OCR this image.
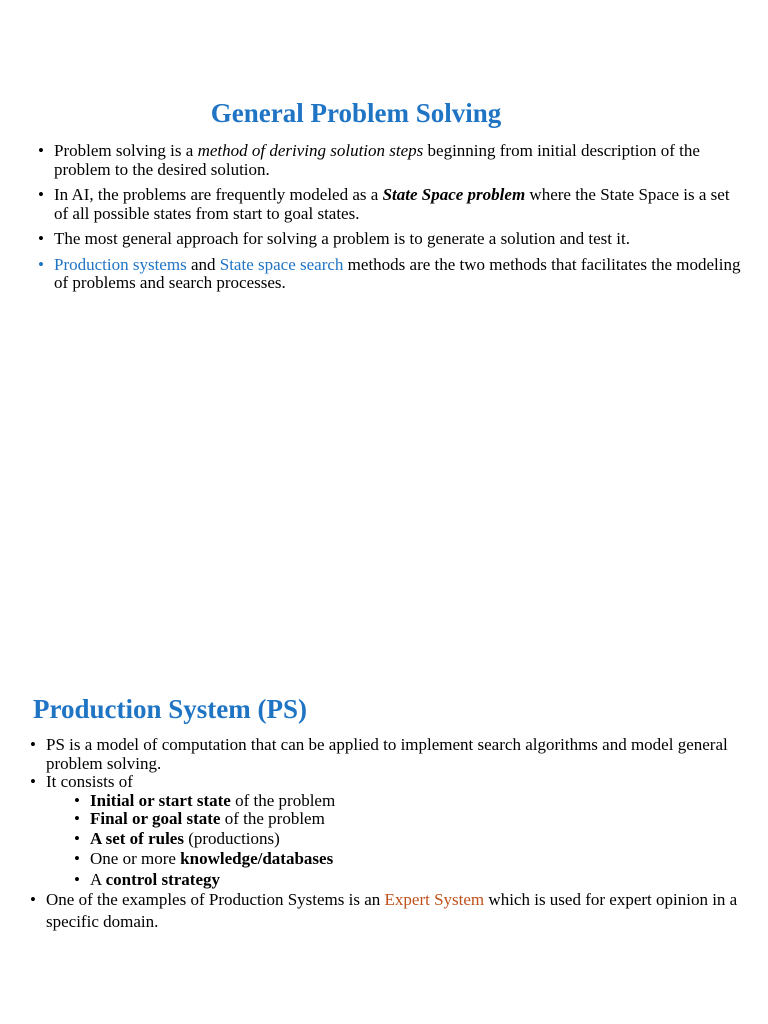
General Problem Solving
• Problem solving is a method of deriving solution steps beginning from initial description of the problem to the desired solution.
• In AI, the problems are frequently modeled as a State Space problem where the State Space is a set of all possible states from start to goal states.
• The most general approach for solving a problem is to generate a solution and test it.
• Production systems and State space search methods are the two methods that facilitates the modeling of problems and search processes.
Production System (PS)
• PS is a model of computation that can be applied to implement search algorithms and model general problem solving.
• It consists of
• Initial or start state of the problem
• Final or goal state of the problem
• A set of rules (productions)
• One or more knowledge/databases
• A control strategy
• One of the examples of Production Systems is an Expert System which is used for expert opinion in a specific domain.
